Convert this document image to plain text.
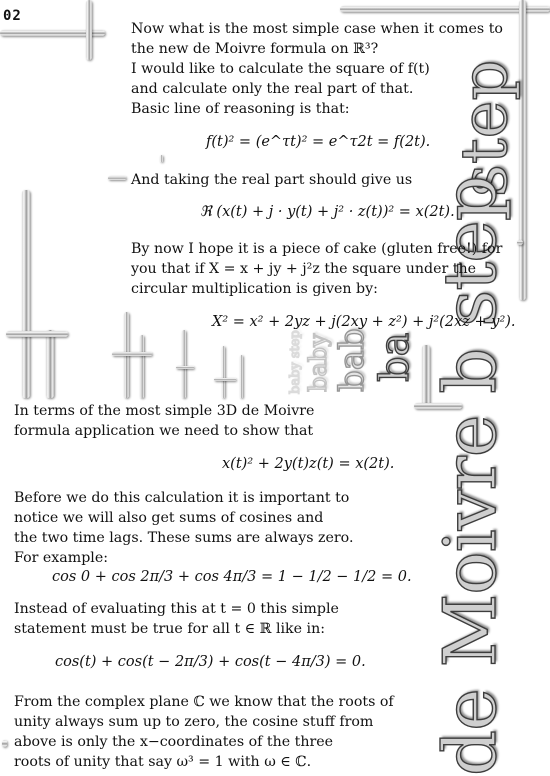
02
ba
bab
baby
baby step
step
de Moivre b step
Now what is the most simple case when it comes to
the new de Moivre formula on ℝ³?
I would like to calculate the square of f(t)
and calculate only the real part of that.
Basic line of reasoning is that:
f(t)² = (e^τt)² = e^τ2t = f(2t).
And taking the real part should give us
ℜ (x(t) + j · y(t) + j² · z(t))² = x(2t).
By now I hope it is a piece of cake (gluten free!) for
you that if X = x + jy + j²z the square under the
circular multiplication is given by:
X² = x² + 2yz + j(2xy + z²) + j²(2xz + y²).
In terms of the most simple 3D de Moivre
formula application we need to show that
x(t)² + 2y(t)z(t) = x(2t).
Before we do this calculation it is important to
notice we will also get sums of cosines and
the two time lags. These sums are always zero.
For example:
cos 0 + cos 2π/3 + cos 4π/3 = 1 − 1/2 − 1/2 = 0.
Instead of evaluating this at t = 0 this simple
statement must be true for all t ∈ ℝ like in:
cos(t) + cos(t − 2π/3) + cos(t − 4π/3) = 0.
From the complex plane ℂ we know that the roots of
unity always sum up to zero, the cosine stuff from
above is only the x−coordinates of the three
roots of unity that say ω³ = 1 with ω ∈ ℂ.
